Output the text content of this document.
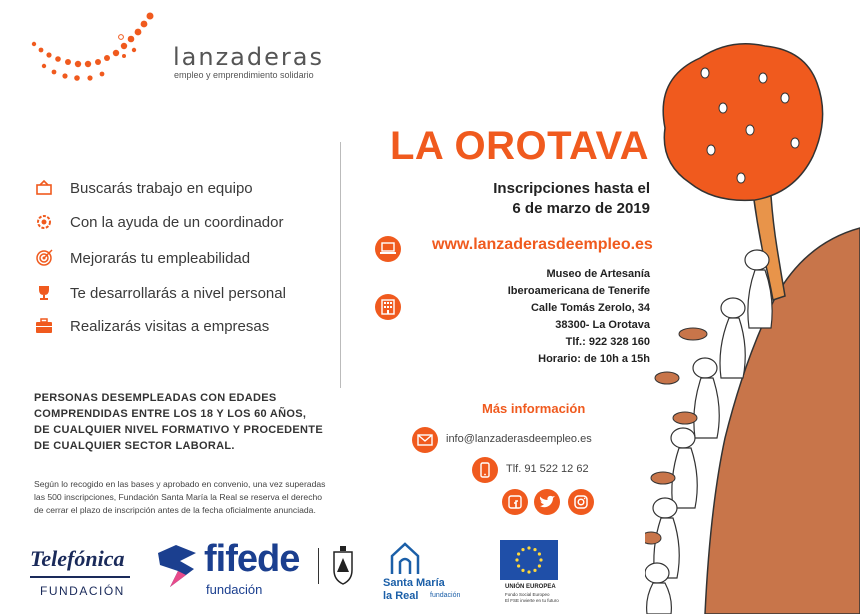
lanzaderas
empleo y emprendimiento solidario
Buscarás trabajo en equipo
Con la ayuda de un coordinador
Mejorarás tu empleabilidad
Te desarrollarás a nivel personal
Realizarás visitas a empresas
PERSONAS DESEMPLEADAS CON EDADES
COMPRENDIDAS ENTRE LOS 18 Y LOS 60 AÑOS,
DE CUALQUIER NIVEL FORMATIVO Y PROCEDENTE
DE CUALQUIER SECTOR LABORAL.
Según lo recogido en las bases y aprobado en convenio, una vez superadas
las 500 inscripciones, Fundación Santa María la Real se reserva el derecho
de cerrar el plazo de inscripción antes de la fecha oficialmente anunciada.
LA OROTAVA
Inscripciones hasta el
6 de marzo de 2019
www.lanzaderasdeempleo.es
Museo de Artesanía
Iberoamericana de Tenerife
Calle Tomás Zerolo, 34
38300- La Orotava
Tlf.: 922 328 160
Horario: de 10h a 15h
Más información
info@lanzaderasdeempleo.es
Tlf. 91 522 12 62
Telefónica
FUNDACIÓN
fifede
fundación	Santa María
la Real fundación
UNIÓN EUROPEA
Fondo Social Europeo
El FSE invierte en tu futuro
